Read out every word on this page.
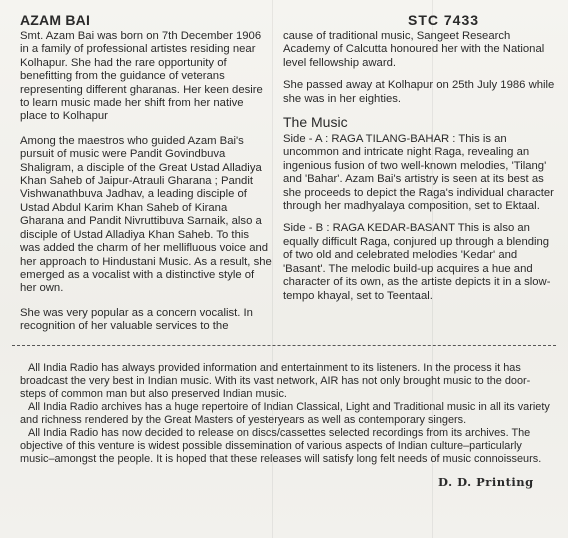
AZAM BAI	STC 7433

Smt. Azam Bai was born on 7th December 1906 in a family of professional artistes residing near Kolhapur. She had the rare opportunity of benefitting from the guidance of veterans representing different gharanas. Her keen desire to learn music made her shift from her native place to Kolhapur

Among the maestros who guided Azam Bai's pursuit of music were Pandit Govindbuva Shaligram, a disciple of the Great Ustad Alladiya Khan Saheb of Jaipur-Atrauli Gharana ; Pandit Vishwanathbuva Jadhav, a leading disciple of Ustad Abdul Karim Khan Saheb of Kirana Gharana and Pandit Nivruttibuva Sarnaik, also a disciple of Ustad Alladiya Khan Saheb. To this was added the charm of her mellifluous voice and her approach to Hindustani Music. As a result, she emerged as a vocalist with a distinctive style of her own.

She was very popular as a concern vocalist. In recognition of her valuable services to the

cause of traditional music, Sangeet Research Academy of Calcutta honoured her with the National level fellowship award.

She passed away at Kolhapur on 25th July 1986 while she was in her eighties.

The Music

Side - A : RAGA TILANG-BAHAR : This is an uncommon and intricate night Raga, revealing an ingenious fusion of two well-known melodies, 'Tilang' and 'Bahar'. Azam Bai's artistry is seen at its best as she proceeds to depict the Raga's individual character through her madhyalaya composition, set to Ektaal.

Side - B : RAGA KEDAR-BASANT This is also an equally difficult Raga, conjured up through a blending of two old and celebrated melodies 'Kedar' and 'Basant'. The melodic build-up acquires a hue and character of its own, as the artiste depicts it in a slow-tempo khayal, set to Teentaal.

All India Radio has always provided information and entertainment to its listeners. In the process it has broadcast the very best in Indian music. With its vast network, AIR has not only brought music to the door-steps of common man but also preserved Indian music.

All India Radio archives has a huge repertoire of Indian Classical, Light and Traditional music in all its variety and richness rendered by the Great Masters of yesteryears as well as contemporary singers.

All India Radio has now decided to release on discs/cassettes selected recordings from its archives. The objective of this venture is widest possible dissemination of various aspects of Indian culture–particularly music–amongst the people. It is hoped that these releases will satisfy long felt needs of music connoisseurs.

D. D. Printing
